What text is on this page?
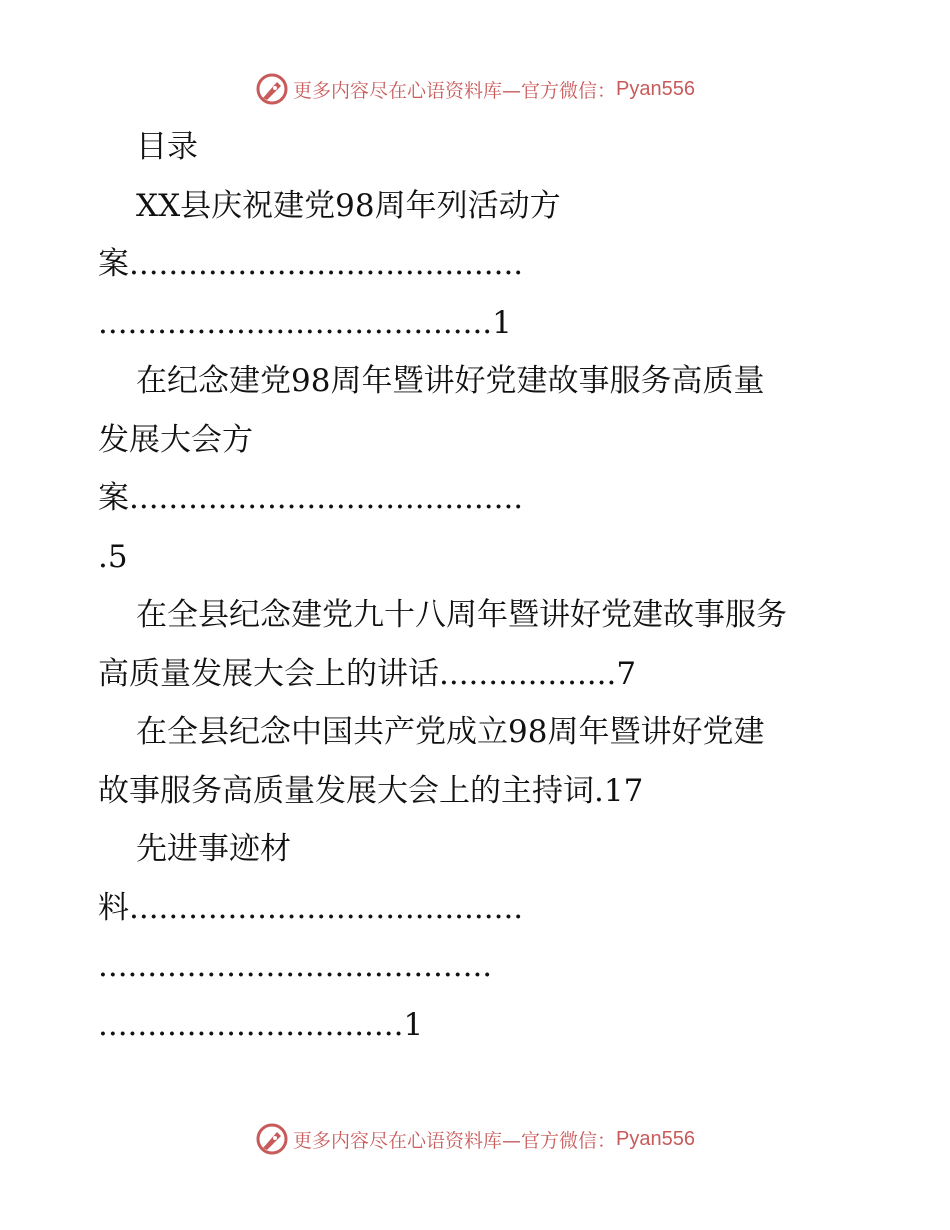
更多内容尽在心语资料库—官方微信： Pyan556
目录
XX县庆祝建党98周年列活动方
案........................................
........................................1
在纪念建党98周年暨讲好党建故事服务高质量
发展大会方
案........................................
.5
在全县纪念建党九十八周年暨讲好党建故事服务
高质量发展大会上的讲话..................7
在全县纪念中国共产党成立98周年暨讲好党建
故事服务高质量发展大会上的主持词.17
先进事迹材
料........................................
........................................
...............................1
更多内容尽在心语资料库—官方微信： Pyan556
